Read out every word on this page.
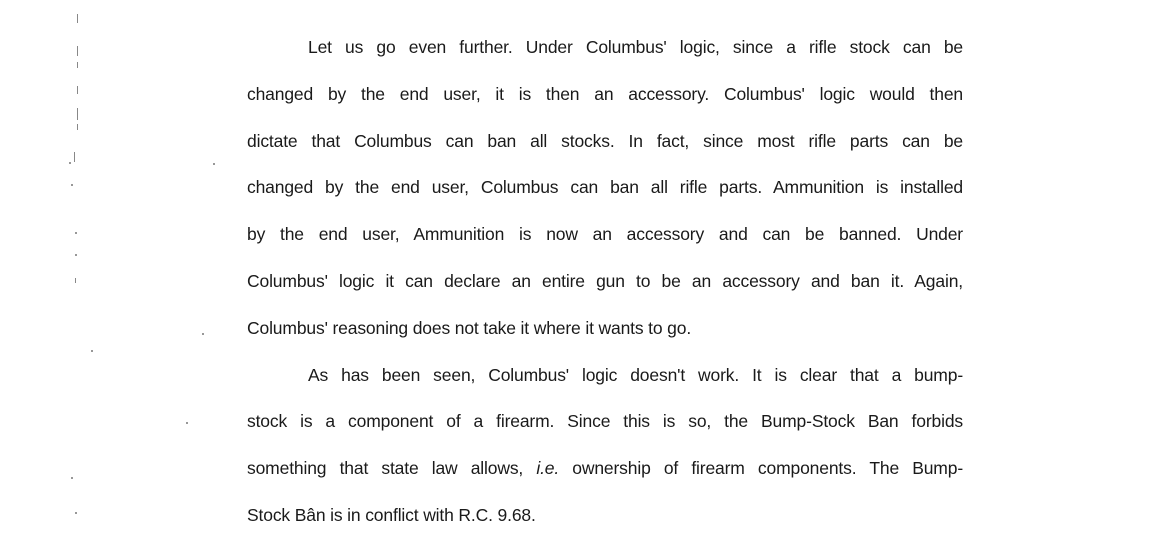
Let us go even further. Under Columbus' logic, since a rifle stock can be
changed by the end user, it is then an accessory. Columbus' logic would then
dictate that Columbus can ban all stocks. In fact, since most rifle parts can be
changed by the end user, Columbus can ban all rifle parts. Ammunition is installed
by the end user, Ammunition is now an accessory and can be banned. Under
Columbus' logic it can declare an entire gun to be an accessory and ban it. Again,
Columbus' reasoning does not take it where it wants to go.
As has been seen, Columbus' logic doesn't work. It is clear that a bump-
stock is a component of a firearm. Since this is so, the Bump-Stock Ban forbids
something that state law allows, i.e. ownership of firearm components. The Bump-
Stock Bân is in conflict with R.C. 9.68.
